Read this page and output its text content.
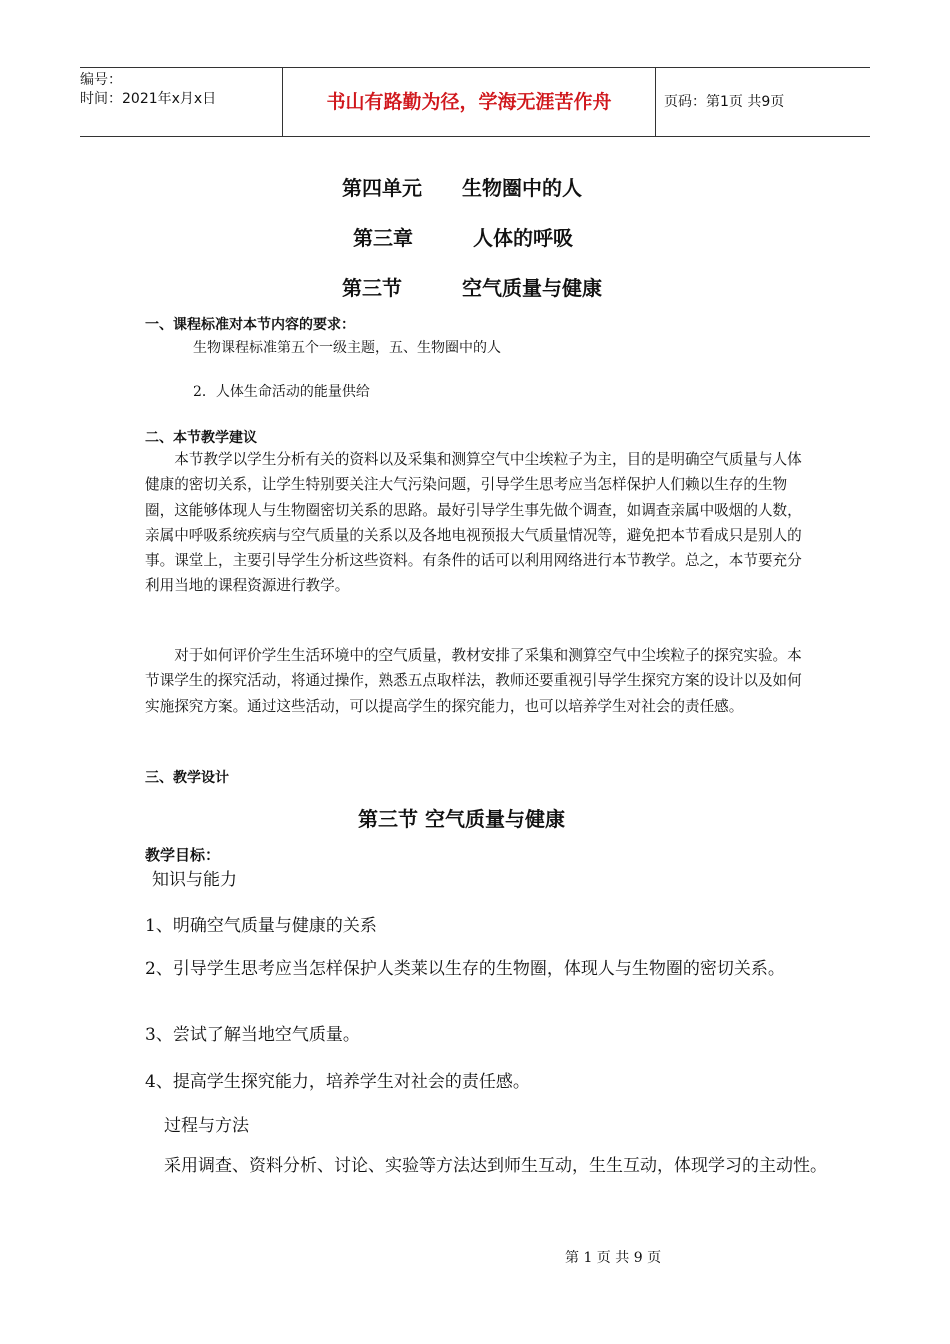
编号：
时间：2021年x月x日	书山有路勤为径，学海无涯苦作舟	页码：第1页 共9页
第四单元　　生物圈中的人
第三章　　　人体的呼吸
第三节　　　空气质量与健康
一、课程标准对本节内容的要求：
生物课程标准第五个一级主题，五、生物圈中的人
2．人体生命活动的能量供给
二、本节教学建议
本节教学以学生分析有关的资料以及采集和测算空气中尘埃粒子为主，目的是明确空气质量与人体健康的密切关系，让学生特别要关注大气污染问题，引导学生思考应当怎样保护人们赖以生存的生物圈，这能够体现人与生物圈密切关系的思路。最好引导学生事先做个调查，如调查亲属中吸烟的人数，亲属中呼吸系统疾病与空气质量的关系以及各地电视预报大气质量情况等，避免把本节看成只是别人的事。课堂上，主要引导学生分析这些资料。有条件的话可以利用网络进行本节教学。总之，本节要充分利用当地的课程资源进行教学。
对于如何评价学生生活环境中的空气质量，教材安排了采集和测算空气中尘埃粒子的探究实验。本节课学生的探究活动，将通过操作，熟悉五点取样法，教师还要重视引导学生探究方案的设计以及如何实施探究方案。通过这些活动，可以提高学生的探究能力，也可以培养学生对社会的责任感。
三、教学设计
第三节 空气质量与健康
教学目标：
知识与能力
1、明确空气质量与健康的关系
2、引导学生思考应当怎样保护人类莱以生存的生物圈，体现人与生物圈的密切关系。
3、尝试了解当地空气质量。
4、提高学生探究能力，培养学生对社会的责任感。
过程与方法
采用调查、资料分析、讨论、实验等方法达到师生互动，生生互动，体现学习的主动性。
第 1 页 共 9 页
